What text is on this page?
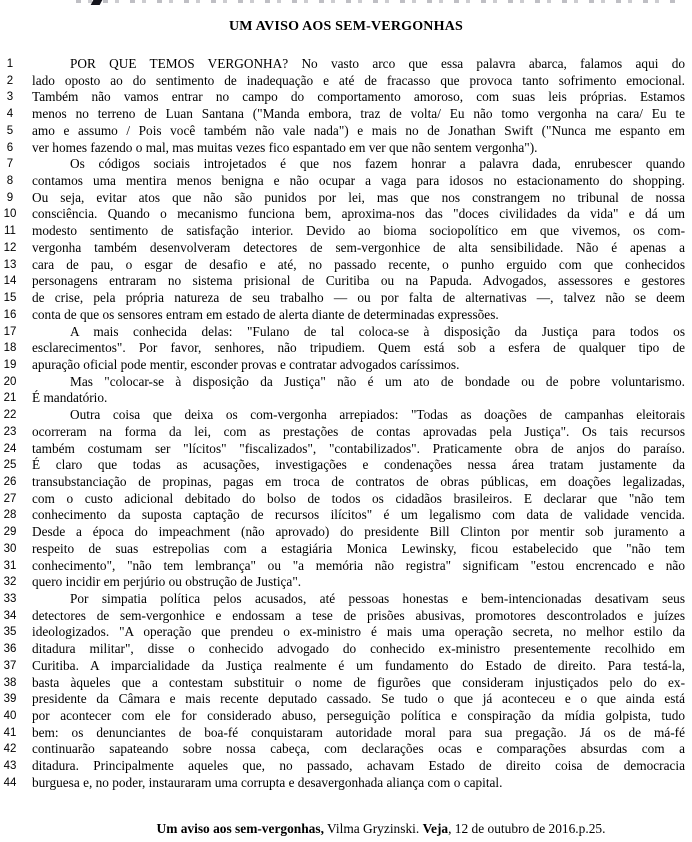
UM AVISO AOS SEM-VERGONHAS
1	POR QUE TEMOS VERGONHA? No vasto arco que essa palavra abarca, falamos aqui do
2	lado oposto ao do sentimento de inadequação e até de fracasso que provoca tanto sofrimento emocional.
3	Também não vamos entrar no campo do comportamento amoroso, com suas leis próprias. Estamos
4	menos no terreno de Luan Santana ("Manda embora, traz de volta/ Eu não tomo vergonha na cara/ Eu te
5	amo e assumo / Pois você também não vale nada") e mais no de Jonathan Swift ("Nunca me espanto em
6	ver homes fazendo o mal, mas muitas vezes fico espantado em ver que não sentem vergonha").
7	Os códigos sociais introjetados é que nos fazem honrar a palavra dada, enrubescer quando
8	contamos uma mentira menos benigna e não ocupar a vaga para idosos no estacionamento do shopping.
9	Ou seja, evitar atos que não são punidos por lei, mas que nos constrangem no tribunal de nossa
10 consciência. Quando o mecanismo funciona bem, aproxima-nos das "doces civilidades da vida" e dá um
11	modesto sentimento de satisfação interior. Devido ao bioma sociopolítico em que vivemos, os com-
12 vergonha também desenvolveram detectores de sem-vergonhice de alta sensibilidade. Não é apenas a
13 cara de pau, o esgar de desafio e até, no passado recente, o punho erguido com que conhecidos
14 personagens entraram no sistema prisional de Curitiba ou na Papuda. Advogados, assessores e gestores
15 de crise, pela própria natureza de seu trabalho — ou por falta de alternativas —, talvez não se deem
16 conta de que os sensores entram em estado de alerta diante de determinadas expressões.
17	A mais conhecida delas: "Fulano de tal coloca-se à disposição da Justiça para todos os
18 esclarecimentos". Por favor, senhores, não tripudiem. Quem está sob a esfera de qualquer tipo de
19 apuração oficial pode mentir, esconder provas e contratar advogados caríssimos.
20	Mas "colocar-se à disposição da Justiça" não é um ato de bondade ou de pobre voluntarismo.
21 É mandatório.
22	Outra coisa que deixa os com-vergonha arrepiados: "Todas as doações de campanhas eleitorais
23 ocorreram na forma da lei, com as prestações de contas aprovadas pela Justiça". Os tais recursos
24 também costumam ser "lícitos" "fiscalizados", "contabilizados". Praticamente obra de anjos do paraíso.
25 É claro que todas as acusações, investigações e condenações nessa área tratam justamente da
26 transubstanciação de propinas, pagas em troca de contratos de obras públicas, em doações legalizadas,
27 com o custo adicional debitado do bolso de todos os cidadãos brasileiros. E declarar que "não tem
28 conhecimento da suposta captação de recursos ilícitos" é um legalismo com data de validade vencida.
29 Desde a época do impeachment (não aprovado) do presidente Bill Clinton por mentir sob juramento a
30 respeito de suas estrepolias com a estagiária Monica Lewinsky, ficou estabelecido que "não tem
31 conhecimento", "não tem lembrança" ou "a memória não registra" significam "estou encrencado e não
32 quero incidir em perjúrio ou obstrução de Justiça".
33	Por simpatia política pelos acusados, até pessoas honestas e bem-intencionadas desativam seus
34 detectores de sem-vergonhice e endossam a tese de prisões abusivas, promotores descontrolados e juízes
35 ideologizados. "A operação que prendeu o ex-ministro é mais uma operação secreta, no melhor estilo da
36 ditadura militar", disse o conhecido advogado do conhecido ex-ministro presentemente recolhido em
37 Curitiba. A imparcialidade da Justiça realmente é um fundamento do Estado de direito. Para testá-la,
38 basta àqueles que a contestam substituir o nome de figurões que consideram injustiçados pelo do ex-
39 presidente da Câmara e mais recente deputado cassado. Se tudo o que já aconteceu e o que ainda está
40 por acontecer com ele for considerado abuso, perseguição política e conspiração da mídia golpista, tudo
41 bem: os denunciantes de boa-fé conquistaram autoridade moral para sua pregação. Já os de má-fé
42 continuarão sapateando sobre nossa cabeça, com declarações ocas e comparações absurdas com a
43 ditadura. Principalmente aqueles que, no passado, achavam Estado de direito coisa de democracia
44 burguesa e, no poder, instauraram uma corrupta e desavergonhada aliança com o capital.
Um aviso aos sem-vergonhas, Vilma Gryzinski. Veja, 12 de outubro de 2016.p.25.
